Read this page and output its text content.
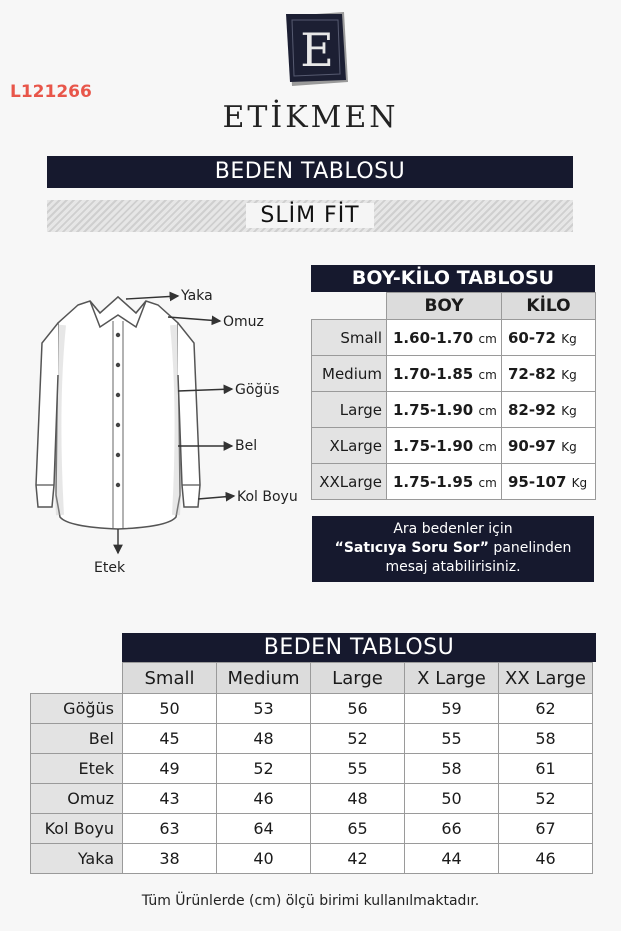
L121266
E
ETİKMEN
BEDEN TABLOSU
SLİM FİT
Yaka
Omuz
Göğüs
Bel
Kol Boyu
Etek
BOY-KİLO TABLOSU
	BOY	KİLO
Small	1.60-1.70 cm	60-72 Kg
Medium	1.70-1.85 cm	72-82 Kg
Large	1.75-1.90 cm	82-92 Kg
XLarge	1.75-1.90 cm	90-97 Kg
XXLarge	1.75-1.95 cm	95-107 Kg
Ara bedenler için
“Satıcıya Soru Sor” panelinden
mesaj atabilirisiniz.
BEDEN TABLOSU
	Small	Medium	Large	X Large	XX Large
Göğüs	50	53	56	59	62
Bel	45	48	52	55	58
Etek	49	52	55	58	61
Omuz	43	46	48	50	52
Kol Boyu	63	64	65	66	67
Yaka	38	40	42	44	46
Tüm Ürünlerde (cm) ölçü birimi kullanılmaktadır.
